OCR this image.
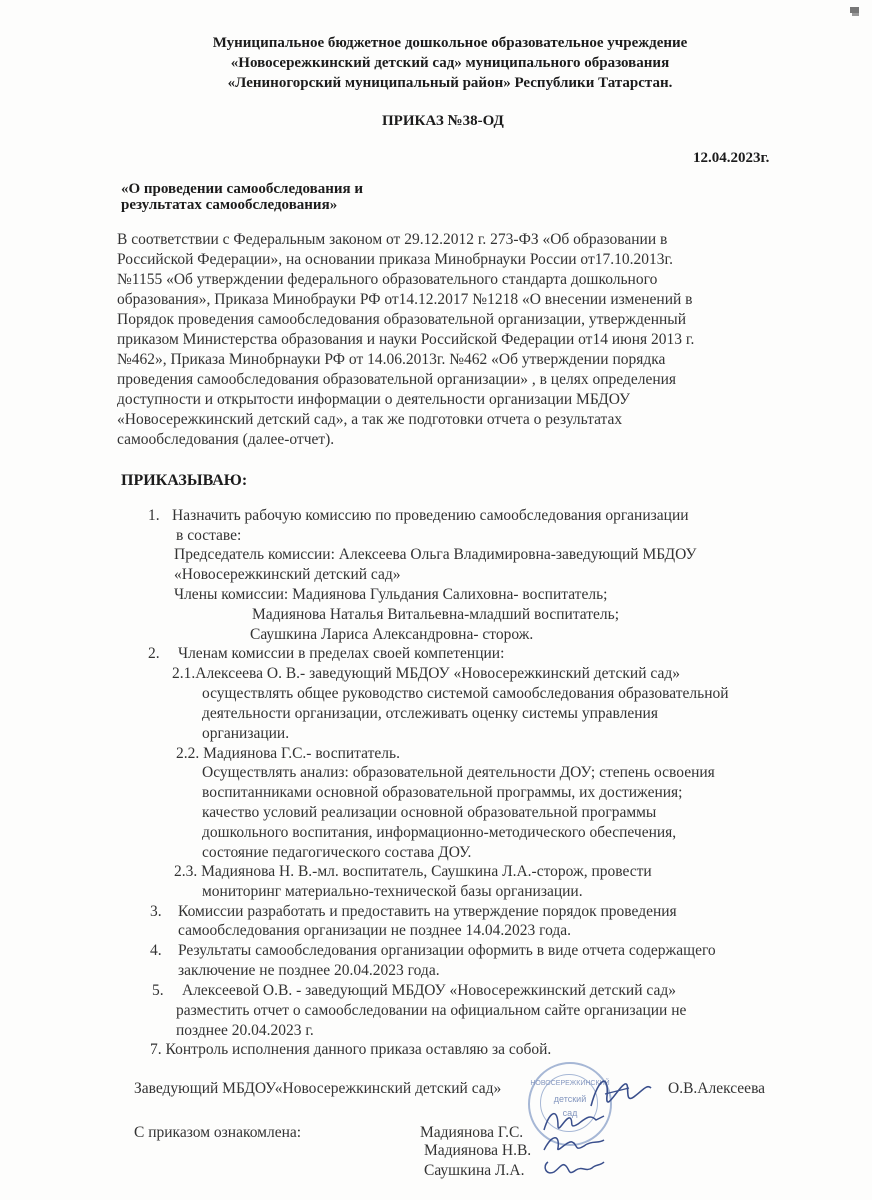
Муниципальное бюджетное дошкольное образовательное учреждение
«Новосережкинский детский сад» муниципального образования
«Лениногорский муниципальный район» Республики Татарстан.
ПРИКАЗ №38-ОД
12.04.2023г.
«О проведении самообследования и
результатах самообследования»
В соответствии с Федеральным законом от 29.12.2012 г. 273-ФЗ «Об образовании в
Российской Федерации», на основании приказа Минобрнауки России от17.10.2013г.
№1155 «Об утверждении федерального образовательного стандарта дошкольного
образования», Приказа Минобрауки РФ от14.12.2017 №1218 «О внесении изменений в
Порядок проведения самообследования образовательной организации, утвержденный
приказом Министерства образования и науки Российской Федерации от14 июня 2013 г.
№462», Приказа Минобрнауки РФ от 14.06.2013г. №462 «Об утверждении порядка
проведения самообследования образовательной организации» , в целях определения
доступности и открытости информации о деятельности организации МБДОУ
«Новосережкинский детский сад», а так же подготовки отчета о результатах
самообследования (далее-отчет).
ПРИКАЗЫВАЮ:
1. Назначить рабочую комиссию по проведению самообследования организации
в составе:
Председатель комиссии: Алексеева Ольга Владимировна-заведующий МБДОУ
«Новосережкинский детский сад»
Члены комиссии: Мадиянова Гульдания Салиховна- воспитатель;
Мадиянова Наталья Витальевна-младший воспитатель;
Саушкина Лариса Александровна- сторож.
2. Членам комиссии в пределах своей компетенции:
2.1.Алексеева О. В.- заведующий МБДОУ «Новосережкинский детский сад»
осуществлять общее руководство системой самообследования образовательной
деятельности организации, отслеживать оценку системы управления
организации.
2.2. Мадиянова Г.С.- воспитатель.
Осуществлять анализ: образовательной деятельности ДОУ; степень освоения
воспитанниками основной образовательной программы, их достижения;
качество условий реализации основной образовательной программы
дошкольного воспитания, информационно-методического обеспечения,
состояние педагогического состава ДОУ.
2.3. Мадиянова Н. В.-мл. воспитатель, Саушкина Л.А.-сторож, провести
мониторинг материально-технической базы организации.
3. Комиссии разработать и предоставить на утверждение порядок проведения
самообследования организации не позднее 14.04.2023 года.
4. Результаты самообследования организации оформить в виде отчета содержащего
заключение не позднее 20.04.2023 года.
5. Алексеевой О.В. - заведующий МБДОУ «Новосережкинский детский сад»
разместить отчет о самообследовании на официальном сайте организации не
позднее 20.04.2023 г.
7. Контроль исполнения данного приказа оставляю за собой.
Заведующий МБДОУ«Новосережкинский детский сад»	О.В.Алексеева
С приказом ознакомлена:	Мадиянова Г.С.
Мадиянова Н.В.
Саушкина Л.А.
НОВОСЕРЕЖКИНСКИЙ
детский
сад
